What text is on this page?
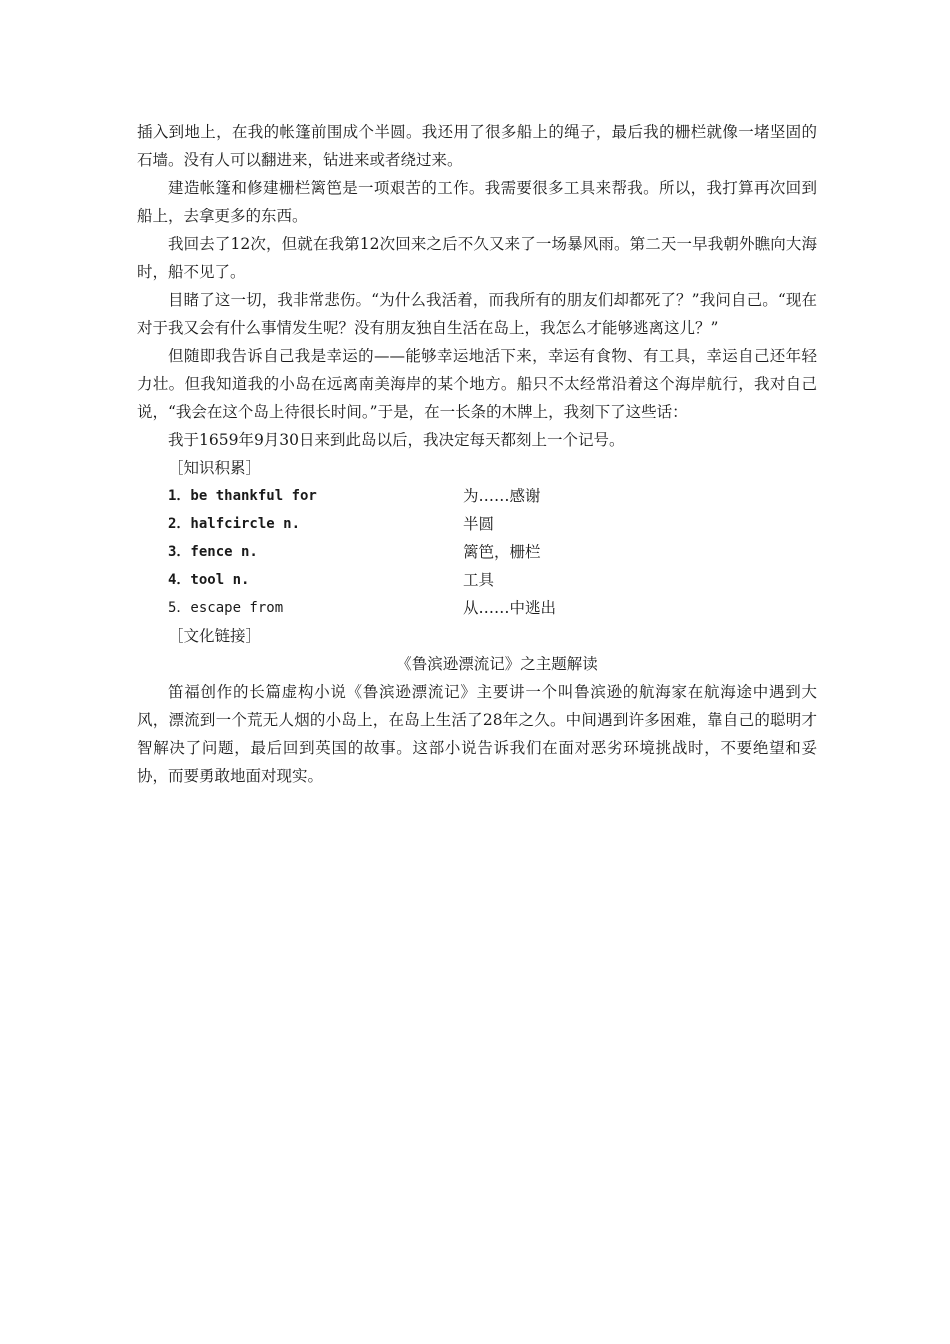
插入到地上，在我的帐篷前围成个半圆。我还用了很多船上的绳子，最后我的栅栏就像一堵坚固的石墙。没有人可以翻进来，钻进来或者绕过来。

建造帐篷和修建栅栏篱笆是一项艰苦的工作。我需要很多工具来帮我。所以，我打算再次回到船上，去拿更多的东西。

我回去了12次，但就在我第12次回来之后不久又来了一场暴风雨。第二天一早我朝外瞧向大海时，船不见了。

目睹了这一切，我非常悲伤。“为什么我活着，而我所有的朋友们却都死了？”我问自己。“现在对于我又会有什么事情发生呢？没有朋友独自生活在岛上，我怎么才能够逃离这儿？”

但随即我告诉自己我是幸运的——能够幸运地活下来，幸运有食物、有工具，幸运自己还年轻力壮。但我知道我的小岛在远离南美海岸的某个地方。船只不太经常沿着这个海岸航行，我对自己说，“我会在这个岛上待很长时间。”于是，在一长条的木牌上，我刻下了这些话：

我于1659年9月30日来到此岛以后，我决定每天都刻上一个记号。

［知识积累］

1．be thankful for	为……感谢
2．halfcircle n.	半圆
3．fence n.	篱笆，栅栏
4．tool n.	工具
5．escape from	从……中逃出

［文化链接］

《鲁滨逊漂流记》之主题解读

笛福创作的长篇虚构小说《鲁滨逊漂流记》主要讲一个叫鲁滨逊的航海家在航海途中遇到大风，漂流到一个荒无人烟的小岛上，在岛上生活了28年之久。中间遇到许多困难，靠自己的聪明才智解决了问题，最后回到英国的故事。这部小说告诉我们在面对恶劣环境挑战时，不要绝望和妥协，而要勇敢地面对现实。
